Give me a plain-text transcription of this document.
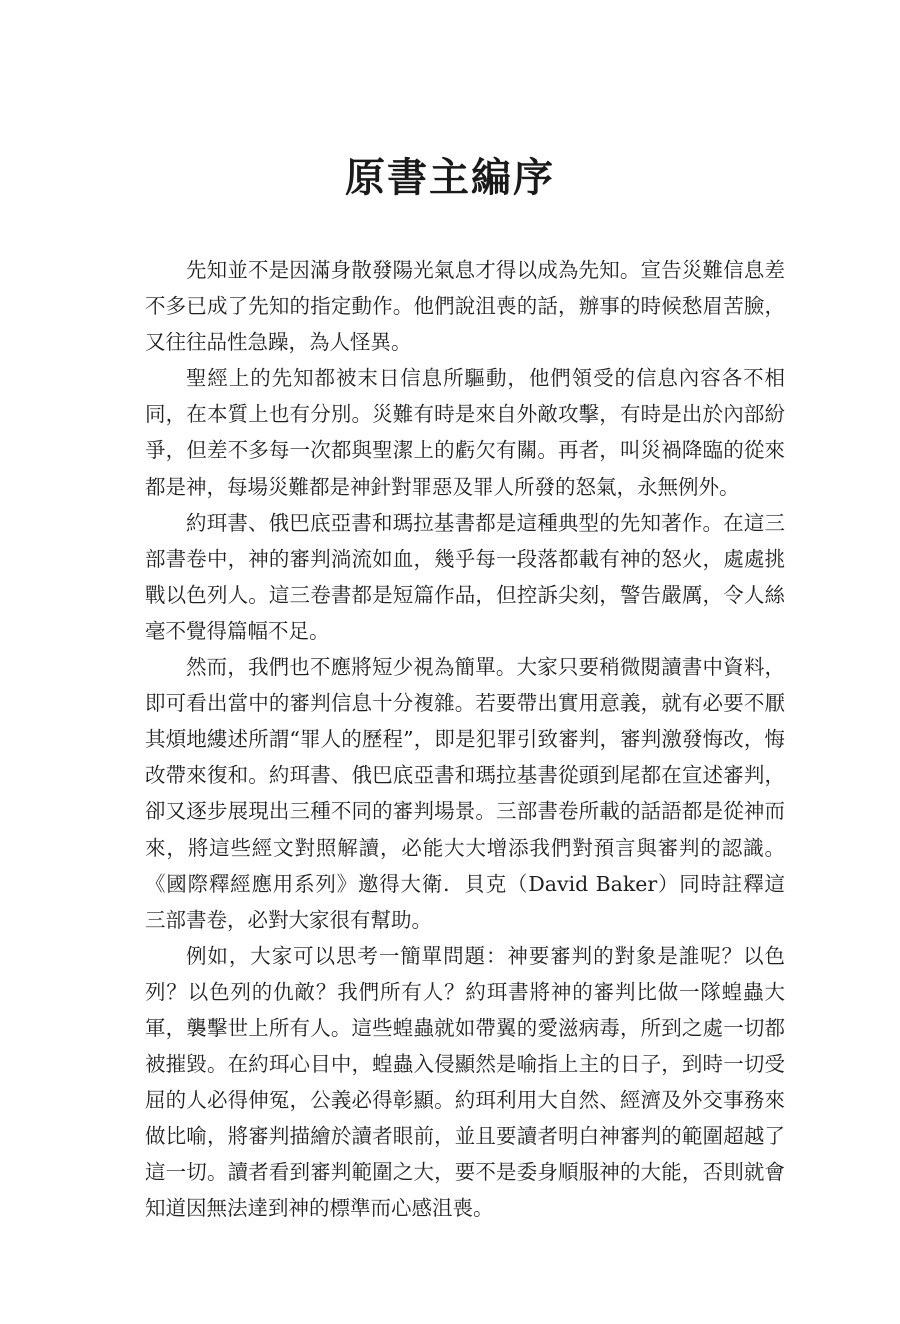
原書主編序

先知並不是因滿身散發陽光氣息才得以成為先知。宣告災難信息差不多已成了先知的指定動作。他們說沮喪的話，辦事的時候愁眉苦臉，又往往品性急躁，為人怪異。

聖經上的先知都被末日信息所驅動，他們領受的信息內容各不相同，在本質上也有分別。災難有時是來自外敵攻擊，有時是出於內部紛爭，但差不多每一次都與聖潔上的虧欠有關。再者，叫災禍降臨的從來都是神，每場災難都是神針對罪惡及罪人所發的怒氣，永無例外。

約珥書、俄巴底亞書和瑪拉基書都是這種典型的先知著作。在這三部書卷中，神的審判淌流如血，幾乎每一段落都載有神的怒火，處處挑戰以色列人。這三卷書都是短篇作品，但控訴尖刻，警告嚴厲，令人絲毫不覺得篇幅不足。

然而，我們也不應將短少視為簡單。大家只要稍微閱讀書中資料，即可看出當中的審判信息十分複雜。若要帶出實用意義，就有必要不厭其煩地縷述所謂“罪人的歷程”，即是犯罪引致審判，審判激發悔改，悔改帶來復和。約珥書、俄巴底亞書和瑪拉基書從頭到尾都在宣述審判，卻又逐步展現出三種不同的審判場景。三部書卷所載的話語都是從神而來，將這些經文對照解讀，必能大大增添我們對預言與審判的認識。《國際釋經應用系列》邀得大衛．貝克（David Baker）同時註釋這三部書卷，必對大家很有幫助。

例如，大家可以思考一簡單問題：神要審判的對象是誰呢？以色列？以色列的仇敵？我們所有人？約珥書將神的審判比做一隊蝗蟲大軍，襲擊世上所有人。這些蝗蟲就如帶翼的愛滋病毒，所到之處一切都被摧毀。在約珥心目中，蝗蟲入侵顯然是喻指上主的日子，到時一切受屈的人必得伸冤，公義必得彰顯。約珥利用大自然、經濟及外交事務來做比喻，將審判描繪於讀者眼前，並且要讀者明白神審判的範圍超越了這一切。讀者看到審判範圍之大，要不是委身順服神的大能，否則就會知道因無法達到神的標準而心感沮喪。
